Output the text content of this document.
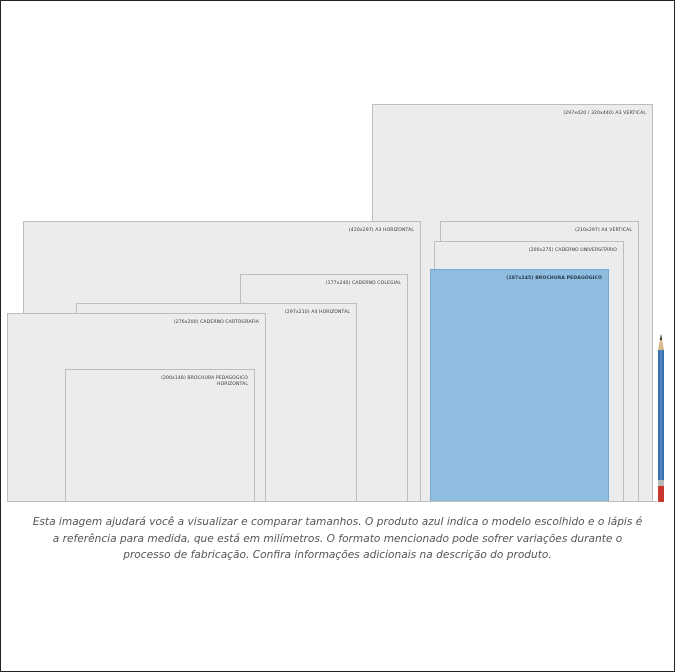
(297x420 / 320x440) A3 VERTICAL
(420x297) A3 HORIZONTAL	(210x297) A4 VERTICAL
(200x275) CADERNO UNIVERSITÁRIO
(177x240) CADERNO COLEGIAL
(297x210) A4 HORIZONTAL
(276x200) CADERNO CARTOGRAFIA
(187x245) BROCHURA PEDAGÓGICO
(200x148) BROCHURA PEDAGÓGICO
HORIZONTAL
Esta imagem ajudará você a visualizar e comparar tamanhos. O produto azul indica o modelo escolhido e o lápis é a referência para medida, que está em milímetros. O formato mencionado pode sofrer variações durante o processo de fabricação. Confira informações adicionais na descrição do produto.
